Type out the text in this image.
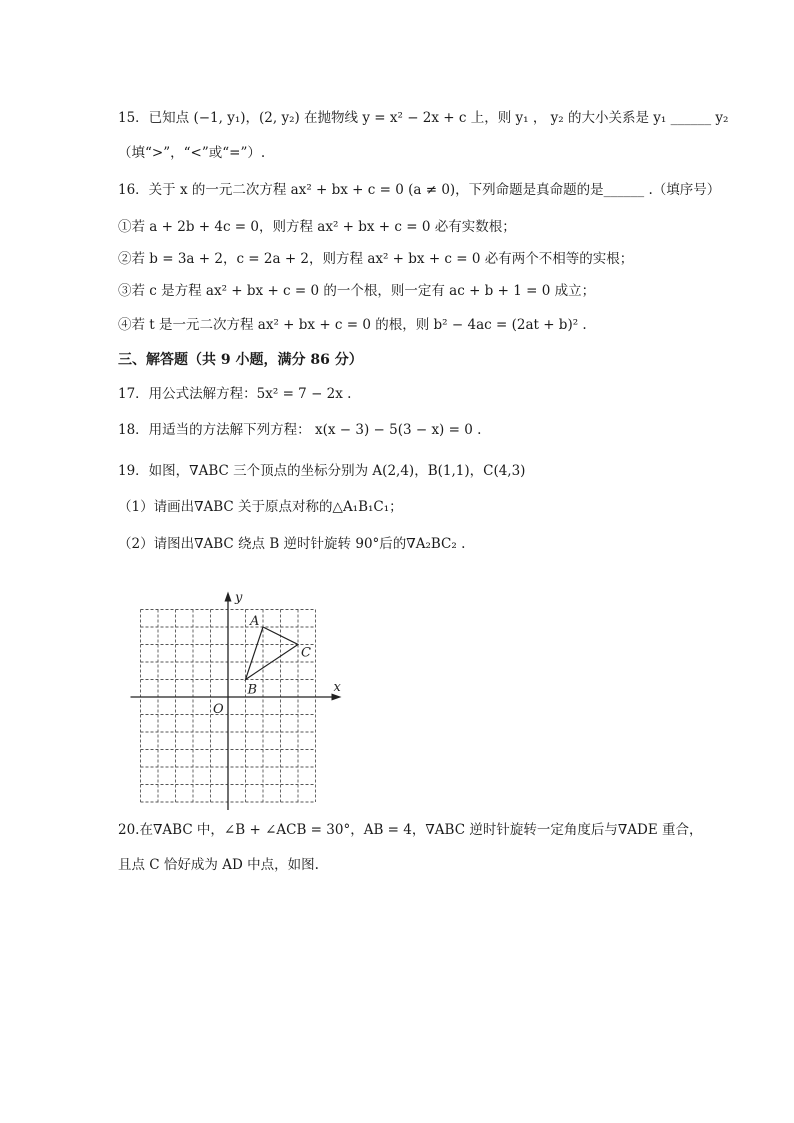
15．已知点 (−1, y₁)，(2, y₂) 在抛物线 y = x² − 2x + c 上，则 y₁ ， y₂ 的大小关系是 y₁ ______ y₂
（填“>”，“<”或“=”）.
16．关于 x 的一元二次方程 ax² + bx + c = 0 (a ≠ 0)，下列命题是真命题的是______ .（填序号）
①若 a + 2b + 4c = 0，则方程 ax² + bx + c = 0 必有实数根；
②若 b = 3a + 2，c = 2a + 2，则方程 ax² + bx + c = 0 必有两个不相等的实根；
③若 c 是方程 ax² + bx + c = 0 的一个根，则一定有 ac + b + 1 = 0 成立；
④若 t 是一元二次方程 ax² + bx + c = 0 的根，则 b² − 4ac = (2at + b)² .
三、解答题（共 9 小题，满分 86 分）
17．用公式法解方程：5x² = 7 − 2x .
18．用适当的方法解下列方程： x(x − 3) − 5(3 − x) = 0 .
19．如图，∇ABC 三个顶点的坐标分别为 A(2,4)，B(1,1)，C(4,3)
（1）请画出∇ABC 关于原点对称的△A₁B₁C₁；
（2）请图出∇ABC 绕点 B 逆时针旋转 90°后的∇A₂BC₂ .
A
B
C
O
x
y
20.在∇ABC 中，∠B + ∠ACB = 30°，AB = 4，∇ABC 逆时针旋转一定角度后与∇ADE 重合，
且点 C 恰好成为 AD 中点，如图.
